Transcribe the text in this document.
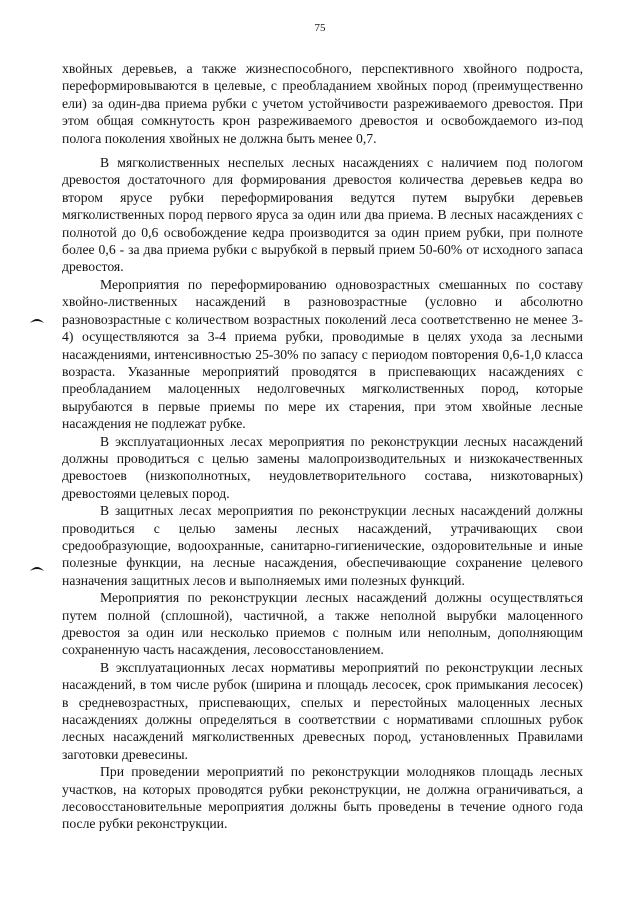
75

хвойных деревьев, а также жизнеспособного, перспективного хвойного подроста, переформировываются в целевые, с преобладанием хвойных пород (преимущественно ели) за один-два приема рубки с учетом устойчивости разреживаемого древостоя. При этом общая сомкнутость крон разреживаемого древостоя и освобождаемого из-под полога поколения хвойных не должна быть менее 0,7.

В мягколиственных неспелых лесных насаждениях с наличием под пологом древостоя достаточного для формирования древостоя количества деревьев кедра во втором ярусе рубки переформирования ведутся путем вырубки деревьев мягколиственных пород первого яруса за один или два приема. В лесных насаждениях с полнотой до 0,6 освобождение кедра производится за один прием рубки, при полноте более 0,6 - за два приема рубки с вырубкой в первый прием 50-60% от исходного запаса древостоя.

Мероприятия по переформированию одновозрастных смешанных по составу хвойно-лиственных насаждений в разновозрастные (условно и абсолютно разновозрастные с количеством возрастных поколений леса соответственно не менее 3-4) осуществляются за 3-4 приема рубки, проводимые в целях ухода за лесными насаждениями, интенсивностью 25-30% по запасу с периодом повторения 0,6-1,0 класса возраста. Указанные мероприятий проводятся в приспевающих насаждениях с преобладанием малоценных недолговечных мягколиственных пород, которые вырубаются в первые приемы по мере их старения, при этом хвойные лесные насаждения не подлежат рубке.

В эксплуатационных лесах мероприятия по реконструкции лесных насаждений должны проводиться с целью замены малопроизводительных и низкокачественных древостоев (низкополнотных, неудовлетворительного состава, низкотоварных) древостоями целевых пород.

В защитных лесах мероприятия по реконструкции лесных насаждений должны проводиться с целью замены лесных насаждений, утрачивающих свои средообразующие, водоохранные, санитарно-гигиенические, оздоровительные и иные полезные функции, на лесные насаждения, обеспечивающие сохранение целевого назначения защитных лесов и выполняемых ими полезных функций.

Мероприятия по реконструкции лесных насаждений должны осуществляться путем полной (сплошной), частичной, а также неполной вырубки малоценного древостоя за один или несколько приемов с полным или неполным, дополняющим сохраненную часть насаждения, лесовосстановлением.

В эксплуатационных лесах нормативы мероприятий по реконструкции лесных насаждений, в том числе рубок (ширина и площадь лесосек, срок примыкания лесосек) в средневозрастных, приспевающих, спелых и перестойных малоценных лесных насаждениях должны определяться в соответствии с нормативами сплошных рубок лесных насаждений мягколиственных древесных пород, установленных Правилами заготовки древесины.

При проведении мероприятий по реконструкции молодняков площадь лесных участков, на которых проводятся рубки реконструкции, не должна ограничиваться, а лесовосстановительные мероприятия должны быть проведены в течение одного года после рубки реконструкции.
